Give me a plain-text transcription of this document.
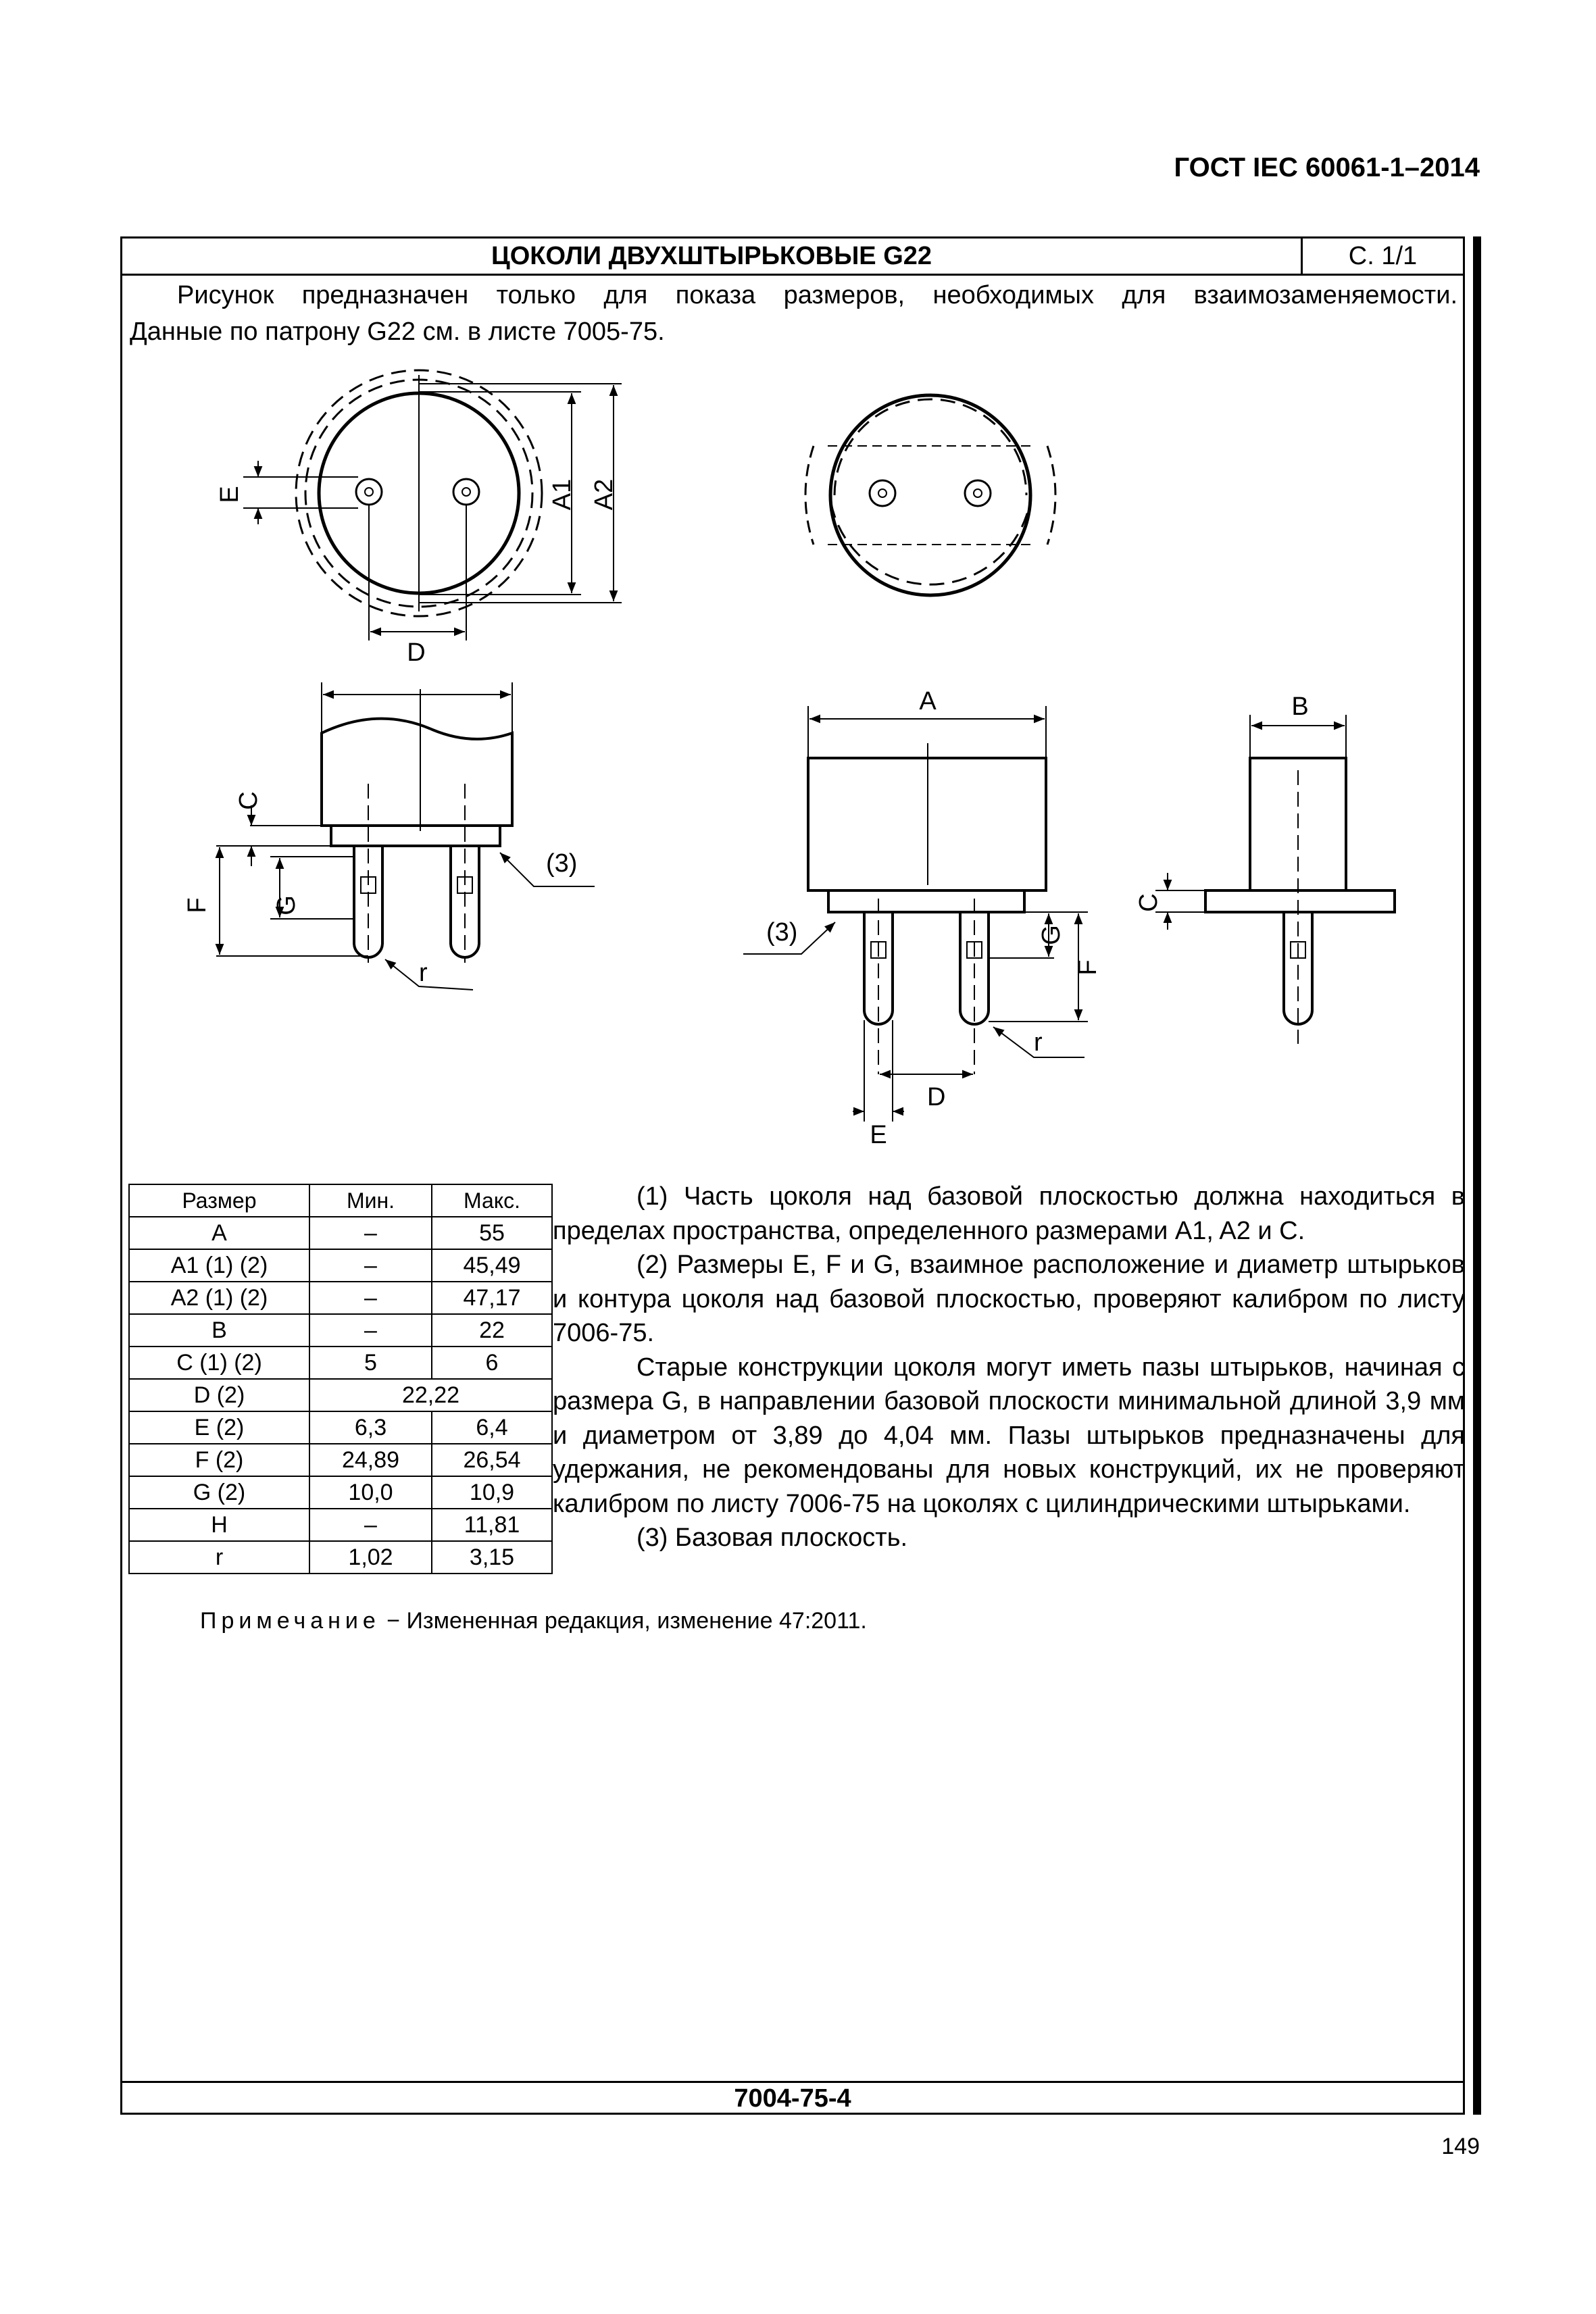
ГОСТ IEC 60061-1–2014
ЦОКОЛИ ДВУХШТЫРЬКОВЫЕ G22	С. 1/1
Рисунок предназначен только для показа размеров, необходимых для взаимозаменяемости.
Данные по патрону G22 см. в листе 7005-75.
D
A1 A2
E
C
F G
(3)
r
A
G
F
(3)
r
D
E
B
C
Размер	Мин.	Макс.
A	–	55
A1 (1) (2)	–	45,49
A2 (1) (2)	–	47,17
B	–	22
C (1) (2)	5	6
D (2)	22,22	
E (2)	6,3	6,4
F (2)	24,89	26,54
G (2)	10,0	10,9
H	–	11,81
r	1,02	3,15

(1) Часть цоколя над базовой плоскостью должна находиться в пределах пространства, определенного размерами A1, A2 и C.

(2) Размеры E, F и G, взаимное расположение и диаметр штырьков и контура цоколя над базовой плоскостью, проверяют калибром по листу 7006-75.

Старые конструкции цоколя могут иметь пазы штырьков, начиная с размера G, в направлении базовой плоскости минимальной длиной 3,9 мм и диаметром от 3,89 до 4,04 мм. Пазы штырьков предназначены для удержания, не рекомендованы для новых конструкций, их не проверяют калибром по листу 7006-75 на цоколях с цилиндрическими штырьками.

(3) Базовая плоскость.

Примечание − Измененная редакция, изменение 47:2011.
7004-75-4
149
